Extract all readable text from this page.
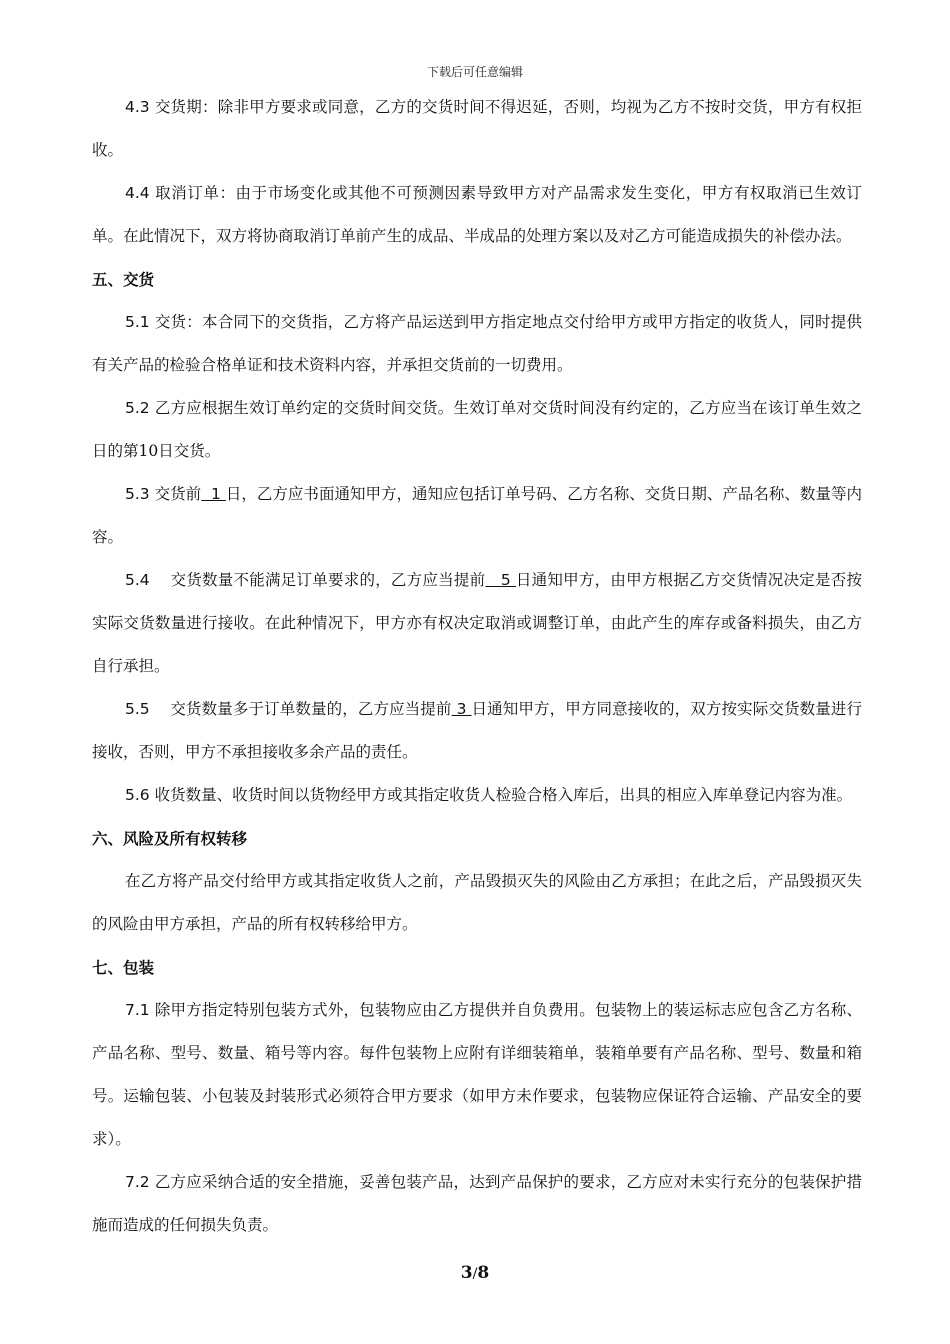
下载后可任意编辑

4.3 交货期：除非甲方要求或同意，乙方的交货时间不得迟延，否则，均视为乙方不按时交货，甲方有权拒收。

4.4 取消订单：由于市场变化或其他不可预测因素导致甲方对产品需求发生变化，甲方有权取消已生效订单。在此情况下，双方将协商取消订单前产生的成品、半成品的处理方案以及对乙方可能造成损失的补偿办法。

五、交货

5.1 交货：本合同下的交货指，乙方将产品运送到甲方指定地点交付给甲方或甲方指定的收货人，同时提供有关产品的检验合格单证和技术资料内容，并承担交货前的一切费用。

5.2 乙方应根据生效订单约定的交货时间交货。生效订单对交货时间没有约定的，乙方应当在该订单生效之日的第10日交货。

5.3 交货前  1 日，乙方应书面通知甲方，通知应包括订单号码、乙方名称、交货日期、产品名称、数量等内容。

5.4 　交货数量不能满足订单要求的，乙方应当提前   5 日通知甲方，由甲方根据乙方交货情况决定是否按实际交货数量进行接收。在此种情况下，甲方亦有权决定取消或调整订单，由此产生的库存或备料损失，由乙方自行承担。

5.5 　交货数量多于订单数量的，乙方应当提前 3 日通知甲方，甲方同意接收的，双方按实际交货数量进行接收，否则，甲方不承担接收多余产品的责任。

5.6 收货数量、收货时间以货物经甲方或其指定收货人检验合格入库后，出具的相应入库单登记内容为准。

六、风险及所有权转移

在乙方将产品交付给甲方或其指定收货人之前，产品毁损灭失的风险由乙方承担；在此之后，产品毁损灭失的风险由甲方承担，产品的所有权转移给甲方。

七、包装

7.1 除甲方指定特别包装方式外，包装物应由乙方提供并自负费用。包装物上的装运标志应包含乙方名称、产品名称、型号、数量、箱号等内容。每件包装物上应附有详细装箱单，装箱单要有产品名称、型号、数量和箱号。运输包装、小包装及封装形式必须符合甲方要求（如甲方未作要求，包装物应保证符合运输、产品安全的要求）。

7.2 乙方应采纳合适的安全措施，妥善包装产品，达到产品保护的要求，乙方应对未实行充分的包装保护措施而造成的任何损失负责。

3/8
